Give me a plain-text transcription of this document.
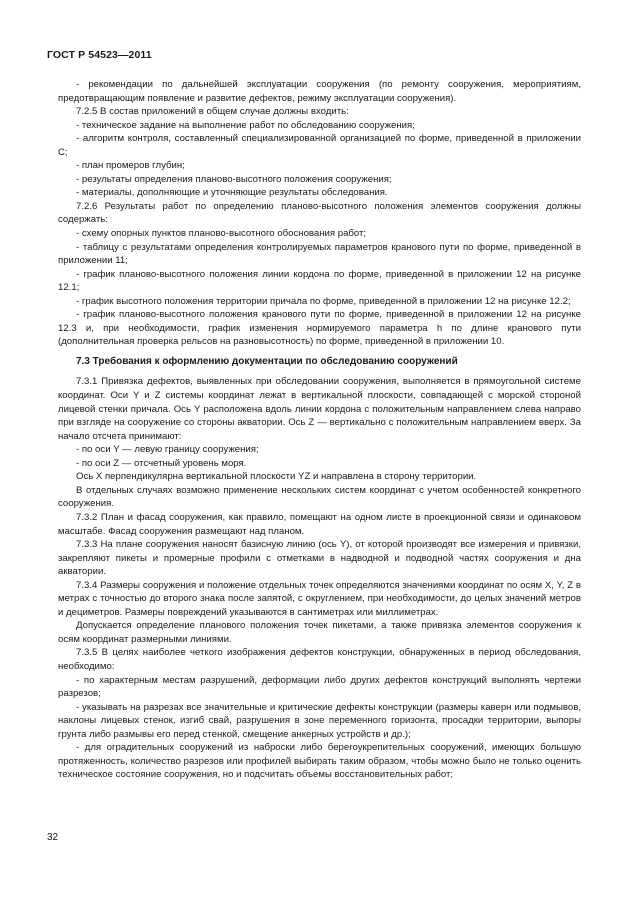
ГОСТ Р 54523—2011
- рекомендации по дальнейшей эксплуатации сооружения (по ремонту сооружения, мероприятиям, предотвращающим появление и развитие дефектов, режиму эксплуатации сооружения).
7.2.5 В состав приложений в общем случае должны входить:
- техническое задание на выполнение работ по обследованию сооружения;
- алгоритм контроля, составленный специализированной организацией по форме, приведенной в приложении С;
- план промеров глубин;
- результаты определения планово-высотного положения сооружения;
- материалы, дополняющие и уточняющие результаты обследования.
7.2.6 Результаты работ по определению планово-высотного положения элементов сооружения должны содержать:
- схему опорных пунктов планово-высотного обоснования работ;
- таблицу с результатами определения контролируемых параметров кранового пути по форме, приведенной в приложении 11;
- график планово-высотного положения линии кордона по форме, приведенной в приложении 12 на рисунке 12.1;
- график высотного положения территории причала по форме, приведенной в приложении 12 на рисунке 12.2;
- график планово-высотного положения кранового пути по форме, приведенной в приложении 12 на рисунке 12.3 и, при необходимости, график изменения нормируемого параметра h по длине кранового пути (дополнительная проверка рельсов на разновысотность) по форме, приведенной в приложении 10.
7.3 Требования к оформлению документации по обследованию сооружений
7.3.1 Привязка дефектов, выявленных при обследовании сооружения, выполняется в прямоугольной системе координат. Оси Y и Z системы координат лежат в вертикальной плоскости, совпадающей с морской стороной лицевой стенки причала. Ось Y расположена вдоль линии кордона с положительным направлением слева направо при взгляде на сооружение со стороны акватории. Ось Z — вертикально с положительным направлением вверх. За начало отсчета принимают:
- по оси Y — левую границу сооружения;
- по оси Z — отсчетный уровень моря.
Ось X перпендикулярна вертикальной плоскости YZ и направлена в сторону территории.
В отдельных случаях возможно применение нескольких систем координат с учетом особенностей конкретного сооружения.
7.3.2 План и фасад сооружения, как правило, помещают на одном листе в проекционной связи и одинаковом масштабе. Фасад сооружения размещают над планом.
7.3.3 На плане сооружения наносят базисную линию (ось Y), от которой производят все измерения и привязки, закрепляют пикеты и промерные профили с отметками в надводной и подводной частях сооружения и дна акватории.
7.3.4 Размеры сооружения и положение отдельных точек определяются значениями координат по осям X, Y, Z в метрах с точностью до второго знака после запятой, с округлением, при необходимости, до целых значений метров и дециметров. Размеры повреждений указываются в сантиметрах или миллиметрах.
Допускается определение планового положения точек пикетами, а также привязка элементов сооружения к осям координат размерными линиями.
7.3.5 В целях наиболее четкого изображения дефектов конструкции, обнаруженных в период обследования, необходимо:
- по характерным местам разрушений, деформации либо других дефектов конструкций выполнять чертежи разрезов;
- указывать на разрезах все значительные и критические дефекты конструкции (размеры каверн или подмывов, наклоны лицевых стенок, изгиб свай, разрушения в зоне переменного горизонта, просадки территории, выпоры грунта либо размывы его перед стенкой, смещение анкерных устройств и др.);
- для оградительных сооружений из наброски либо берегоукрепительных сооружений, имеющих большую протяженность, количество разрезов или профилей выбирать таким образом, чтобы можно было не только оценить техническое состояние сооружения, но и подсчитать объемы восстановительных работ;
32
